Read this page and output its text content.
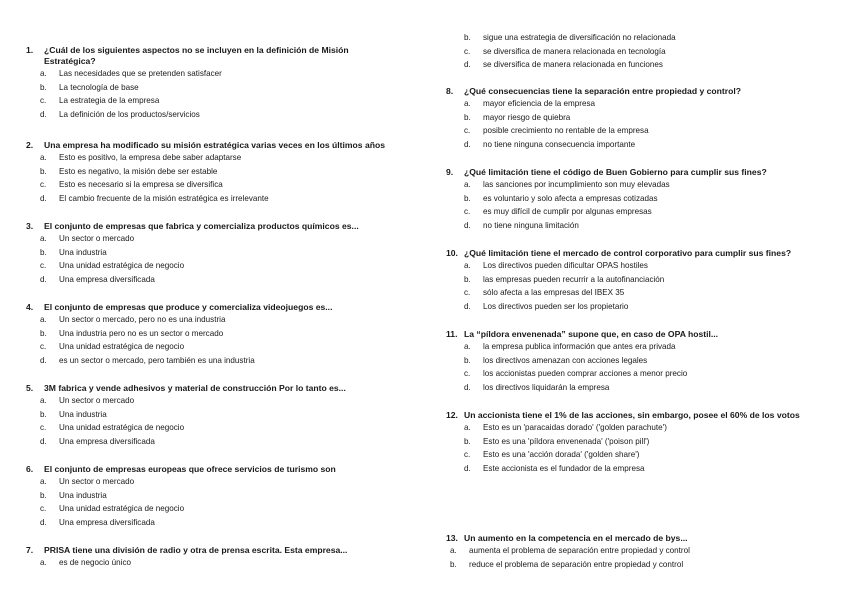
1.	¿Cuál de los siguientes aspectos no se incluyen en la definición de Misión
Estratégica?
a.	Las necesidades que se pretenden satisfacer
b.	La tecnología de base
c.	La estrategia de la empresa
d.	La definición de los productos/servicios
2.	Una empresa ha modificado su misión estratégica varias veces en los últimos años
a.	Esto es positivo, la empresa debe saber adaptarse
b.	Esto es negativo, la misión debe ser estable
c.	Esto es necesario si la empresa se diversifica
d.	El cambio frecuente de la misión estratégica es irrelevante
3.	El conjunto de empresas que fabrica y comercializa productos químicos es...
a.	Un sector o mercado
b.	Una industria
c.	Una unidad estratégica de negocio
d.	Una empresa diversificada
4.	El conjunto de empresas que produce y comercializa videojuegos es...
a.	Un sector o mercado, pero no es una industria
b.	Una industria pero no es un sector o mercado
c.	Una unidad estratégica de negocio
d.	es un sector o mercado, pero también es una industria
5.	3M fabrica y vende adhesivos y material de construcción Por lo tanto es...
a.	Un sector o mercado
b.	Una industria
c.	Una unidad estratégica de negocio
d.	Una empresa diversificada
6.	El conjunto de empresas europeas que ofrece servicios de turismo son
a.	Un sector o mercado
b.	Una industria
c.	Una unidad estratégica de negocio
d.	Una empresa diversificada
7.	PRISA tiene una división de radio y otra de prensa escrita. Esta empresa...
a.	es de negocio único
b.	sigue una estrategia de diversificación no relacionada
c.	se diversifica de manera relacionada en tecnología
d.	se diversifica de manera relacionada en funciones
8.	¿Qué consecuencias tiene la separación entre propiedad y control?
a.	mayor eficiencia de la empresa
b.	mayor riesgo de quiebra
c.	posible crecimiento no rentable de la empresa
d.	no tiene ninguna consecuencia importante
9.	¿Qué limitación tiene el código de Buen Gobierno para cumplir sus fines?
a.	las sanciones por incumplimiento son muy elevadas
b.	es voluntario y solo afecta a empresas cotizadas
c.	es muy difícil de cumplir por algunas empresas
d.	no tiene ninguna limitación
10. ¿Qué limitación tiene el mercado de control corporativo para cumplir sus fines?
a.	Los directivos pueden dificultar OPAS hostiles
b.	las empresas pueden recurrir a la autofinanciación
c.	sólo afecta a las empresas del IBEX 35
d.	Los directivos pueden ser los propietario
11. La “píldora envenenada” supone que, en caso de OPA hostil...
a.	la empresa publica información que antes era privada
b.	los directivos amenazan con acciones legales
c.	los accionistas pueden comprar acciones a menor precio
d.	los directivos liquidarán la empresa
12. Un accionista tiene el 1% de las acciones, sin embargo, posee el 60% de los votos
a.	Esto es un 'paracaidas dorado' ('golden parachute')
b.	Esto es una 'píldora envenenada' ('poison pill')
c.	Esto es una 'acción dorada' ('golden share')
d.	Este accionista es el fundador de la empresa
13. Un aumento en la competencia en el mercado de bys...
a.	aumenta el problema de separación entre propiedad y control
b.	reduce el problema de separación entre propiedad y control
